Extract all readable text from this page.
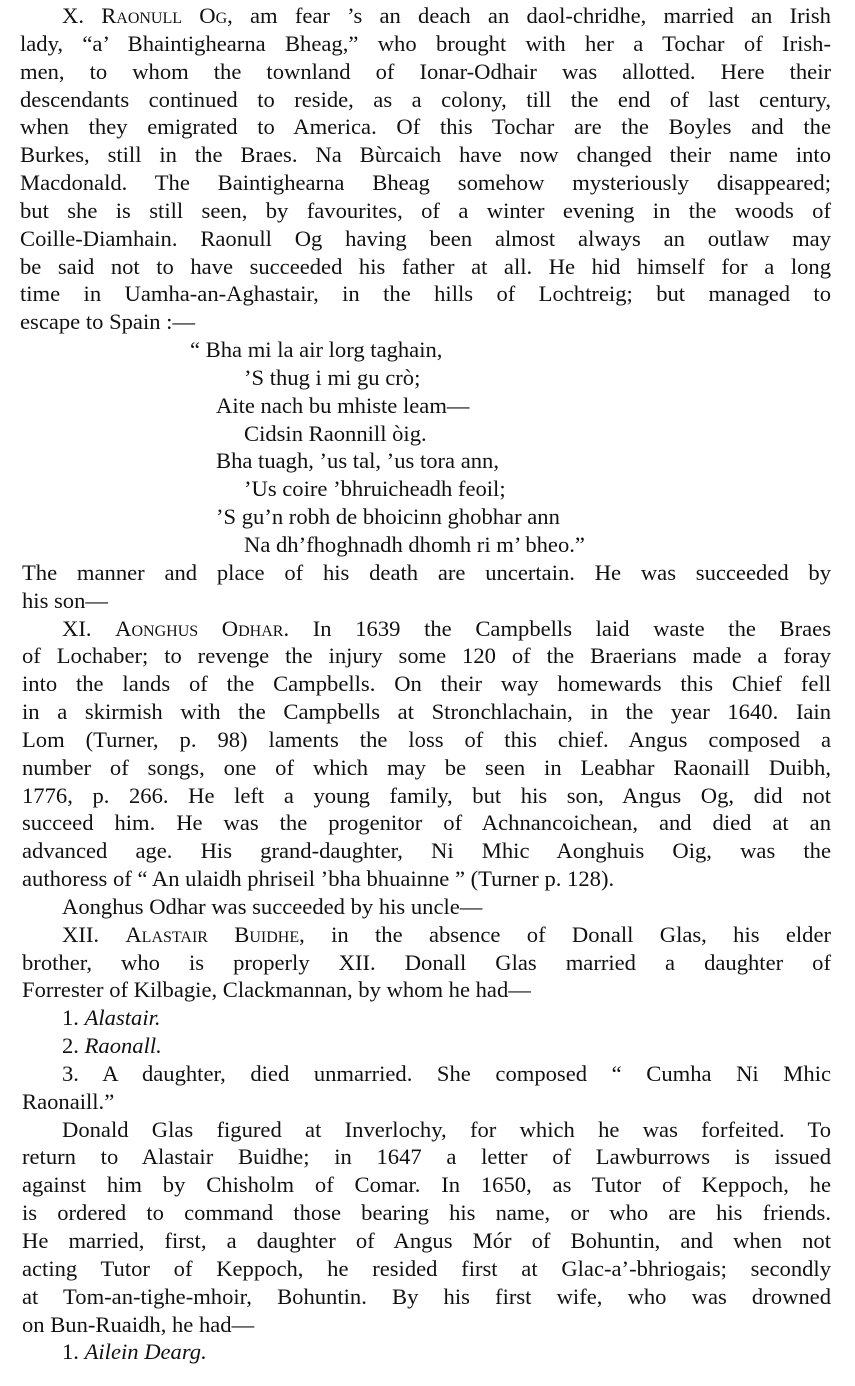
X. Raonull Og, am fear ’s an deach an daol-chridhe, married an Irish
lady, “a’ Bhaintighearna Bheag,” who brought with her a Tochar of Irish-
men, to whom the townland of Ionar-Odhair was allotted. Here their
descendants continued to reside, as a colony, till the end of last century,
when they emigrated to America. Of this Tochar are the Boyles and the
Burkes, still in the Braes. Na Bùrcaich have now changed their name into
Macdonald. The Baintighearna Bheag somehow mysteriously disappeared;
but she is still seen, by favourites, of a winter evening in the woods of
Coille-Diamhain. Raonull Og having been almost always an outlaw may
be said not to have succeeded his father at all. He hid himself for a long
time in Uamha-an-Aghastair, in the hills of Lochtreig; but managed to
escape to Spain :—
“ Bha mi la air lorg taghain,
’S thug i mi gu crò;
Aite nach bu mhiste leam—
Cidsin Raonnill òig.
Bha tuagh, ’us tal, ’us tora ann,
’Us coire ’bhruicheadh feoil;
’S gu’n robh de bhoicinn ghobhar ann
Na dh’fhoghnadh dhomh ri m’ bheo.”
The manner and place of his death are uncertain. He was succeeded by
his son—
XI. Aonghus Odhar. In 1639 the Campbells laid waste the Braes
of Lochaber; to revenge the injury some 120 of the Braerians made a foray
into the lands of the Campbells. On their way homewards this Chief fell
in a skirmish with the Campbells at Stronchlachain, in the year 1640. Iain
Lom (Turner, p. 98) laments the loss of this chief. Angus composed a
number of songs, one of which may be seen in Leabhar Raonaill Duibh,
1776, p. 266. He left a young family, but his son, Angus Og, did not
succeed him. He was the progenitor of Achnancoichean, and died at an
advanced age. His grand-daughter, Ni Mhic Aonghuis Oig, was the
authoress of “ An ulaidh phriseil ’bha bhuainne ” (Turner p. 128).
Aonghus Odhar was succeeded by his uncle—
XII. Alastair Buidhe, in the absence of Donall Glas, his elder
brother, who is properly XII. Donall Glas married a daughter of
Forrester of Kilbagie, Clackmannan, by whom he had—
1. Alastair.
2. Raonall.
3. A daughter, died unmarried. She composed “ Cumha Ni Mhic
Raonaill.”
Donald Glas figured at Inverlochy, for which he was forfeited. To
return to Alastair Buidhe; in 1647 a letter of Lawburrows is issued
against him by Chisholm of Comar. In 1650, as Tutor of Keppoch, he
is ordered to command those bearing his name, or who are his friends.
He married, first, a daughter of Angus Mór of Bohuntin, and when not
acting Tutor of Keppoch, he resided first at Glac-a’-bhriogais; secondly
at Tom-an-tighe-mhoir, Bohuntin. By his first wife, who was drowned
on Bun-Ruaidh, he had—
1. Ailein Dearg.
